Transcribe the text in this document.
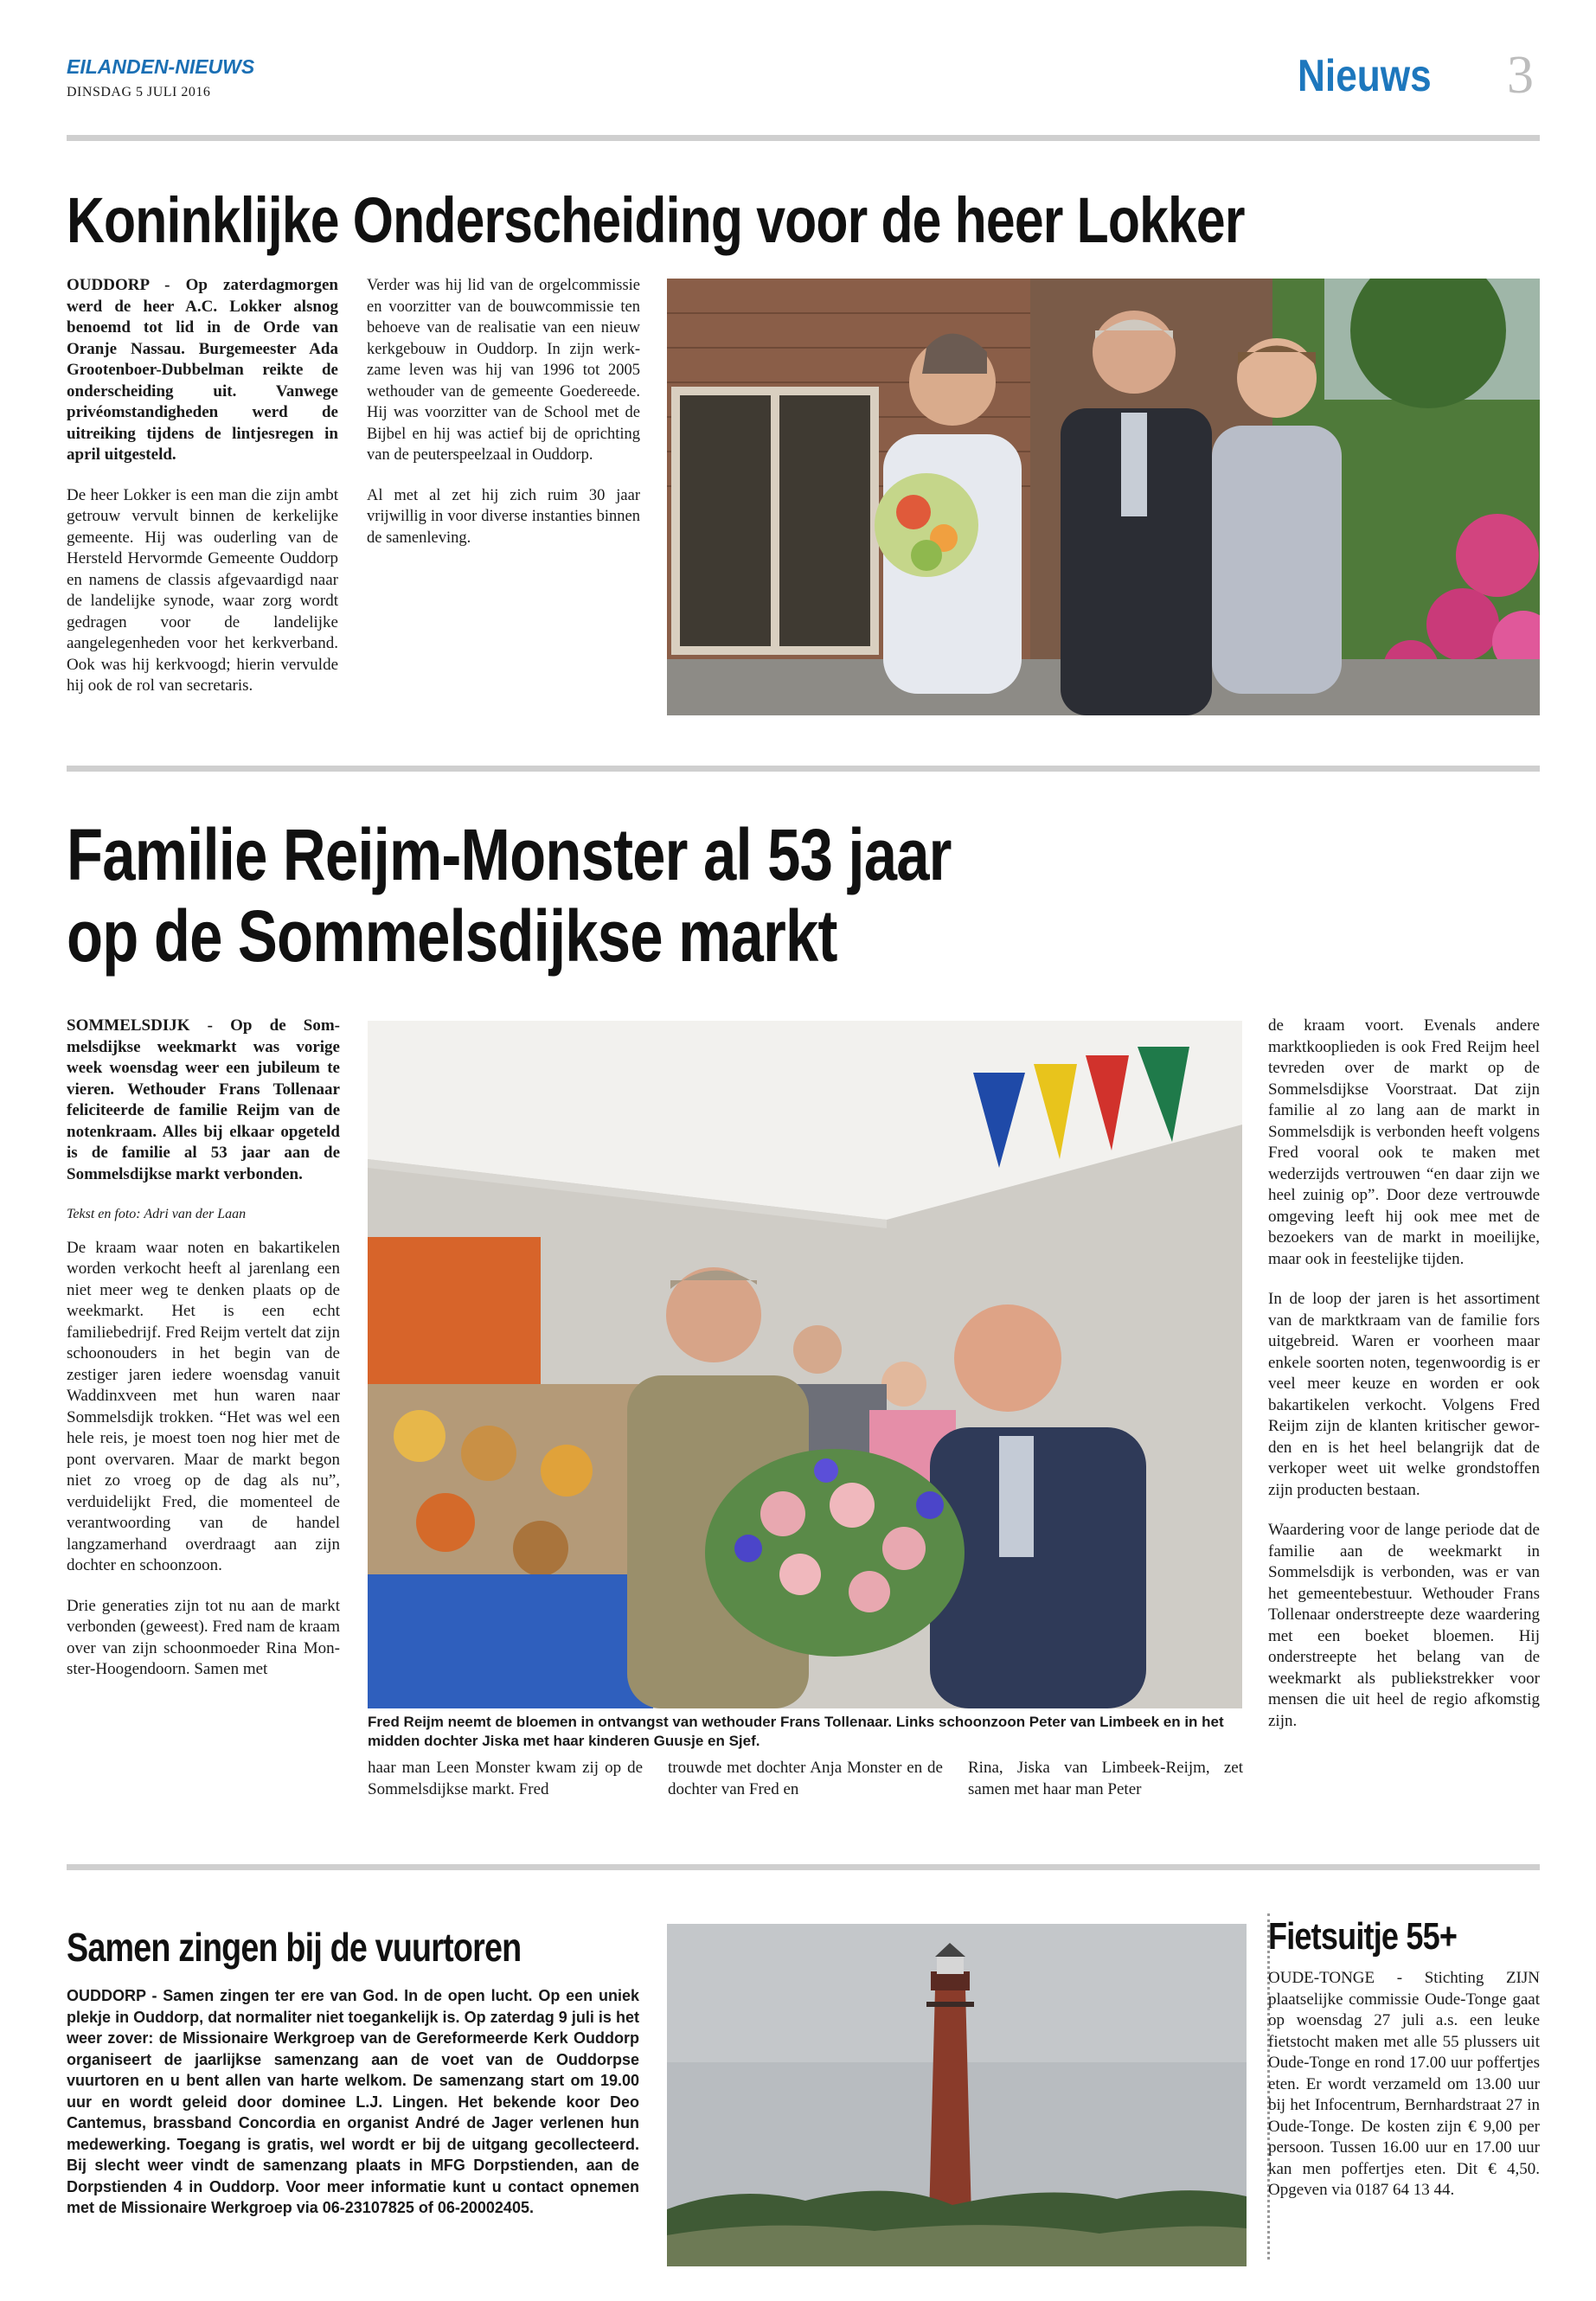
EILANDEN-NIEUWS
DINSDAG 5 JULI 2016	Nieuws 3
Koninklijke Onderscheiding voor de heer Lokker

OUDDORP - Op zaterdagmorgen werd de heer A.C. Lokker alsnog benoemd tot lid in de Orde van Oranje Nassau. Burgemeester Ada Grootenboer-Dubbelman reikte de onderscheiding uit. Vanwege privéomstandigheden werd de uitreiking tijdens de lintjesregen in april uitgesteld.

De heer Lokker is een man die zijn ambt getrouw vervult binnen de kerkelijke gemeente. Hij was ouderling van de Hersteld Hervormde Gemeente Ouddorp en namens de classis afgevaardigd naar de landelijke synode, waar zorg wordt gedragen voor de landelijke aangelegenheden voor het kerkverband. Ook was hij kerkvoogd; hierin vervulde hij ook de rol van secretaris.

Verder was hij lid van de orgelcommissie en voorzitter van de bouwcommissie ten behoeve van de realisatie van een nieuw kerkgebouw in Ouddorp. In zijn werkzame leven was hij van 1996 tot 2005 wethouder van de gemeente Goedereede. Hij was voorzitter van de School met de Bijbel en hij was actief bij de oprichting van de peuterspeelzaal in Ouddorp.

Al met al zet hij zich ruim 30 jaar vrijwillig in voor diverse instanties binnen de samenleving.

Familie Reijm-Monster al 53 jaar
op de Sommelsdijkse markt

SOMMELSDIJK - Op de Sommelsdijkse weekmarkt was vorige week woensdag weer een jubileum te vieren. Wethouder Frans Tollenaar feliciteerde de familie Reijm van de notenkraam. Alles bij elkaar opgeteld is de familie al 53 jaar aan de Sommelsdijkse markt verbonden.

Tekst en foto: Adri van der Laan

De kraam waar noten en bakartikelen worden verkocht heeft al jarenlang een niet meer weg te denken plaats op de weekmarkt. Het is een echt familiebedrijf. Fred Reijm vertelt dat zijn schoonouders in het begin van de zestiger jaren iedere woensdag vanuit Waddinxveen met hun waren naar Sommelsdijk trokken. “Het was wel een hele reis, je moest toen nog hier met de pont overvaren. Maar de markt begon niet zo vroeg op de dag als nu”, verduidelijkt Fred, die momenteel de verantwoording van de handel langzamerhand overdraagt aan zijn dochter en schoonzoon.

Drie generaties zijn tot nu aan de markt verbonden (geweest). Fred nam de kraam over van zijn schoonmoeder Rina Monster-Hoogendoorn. Samen met

Fred Reijm neemt de bloemen in ontvangst van wethouder Frans Tollenaar. Links schoonzoon Peter van Limbeek en in het midden dochter Jiska met haar kinderen Guusje en Sjef.
haar man Leen Monster kwam zij op de Sommelsdijkse markt. Fred
trouwde met dochter Anja Monster en de dochter van Fred en
Rina, Jiska van Limbeek-Reijm, zet samen met haar man Peter

de kraam voort. Evenals andere marktkooplieden is ook Fred Reijm heel tevreden over de markt op de Sommelsdijkse Voorstraat. Dat zijn familie al zo lang aan de markt in Sommelsdijk is verbonden heeft volgens Fred vooral ook te maken met wederzijds vertrouwen “en daar zijn we heel zuinig op”. Door deze vertrouwde omgeving leeft hij ook mee met de bezoekers van de markt in moeilijke, maar ook in feestelijke tijden.

In de loop der jaren is het assortiment van de marktkraam van de familie fors uitgebreid. Waren er voorheen maar enkele soorten noten, tegenwoordig is er veel meer keuze en worden er ook bakartikelen verkocht. Volgens Fred Reijm zijn de klanten kritischer geworden en is het heel belangrijk dat de verkoper weet uit welke grondstoffen zijn producten bestaan.

Waardering voor de lange periode dat de familie aan de weekmarkt in Sommelsdijk is verbonden, was er van het gemeentebestuur. Wethouder Frans Tollenaar onderstreepte deze waardering met een boeket bloemen. Hij onderstreepte het belang van de weekmarkt als publiekstrekker voor mensen die uit heel de regio afkomstig zijn.

Samen zingen bij de vuurtoren
OUDDORP - Samen zingen ter ere van God. In de open lucht. Op een uniek plekje in Ouddorp, dat normaliter niet toegankelijk is. Op zaterdag 9 juli is het weer zover: de Missionaire Werkgroep van de Gereformeerde Kerk Ouddorp organiseert de jaarlijkse samenzang aan de voet van de Ouddorpse vuurtoren en u bent allen van harte welkom. De samenzang start om 19.00 uur en wordt geleid door dominee L.J. Lingen. Het bekende koor Deo Cantemus, brassband Concordia en organist André de Jager verlenen hun medewerking. Toegang is gratis, wel wordt er bij de uitgang gecollecteerd. Bij slecht weer vindt de samenzang plaats in MFG Dorpstienden, aan de Dorpstienden 4 in Ouddorp. Voor meer informatie kunt u contact opnemen met de Missionaire Werkgroep via 06-23107825 of 06-20002405.
Fietsuitje 55+
OUDE-TONGE - Stichting ZIJN plaatselijke commissie Oude-Tonge gaat op woensdag 27 juli a.s. een leuke fietstocht maken met alle 55 plussers uit Oude-Tonge en rond 17.00 uur poffertjes eten. Er wordt verzameld om 13.00 uur bij het Infocentrum, Bernhardstraat 27 in Oude-Tonge. De kosten zijn € 9,00 per persoon. Tussen 16.00 uur en 17.00 uur kan men poffertjes eten. Dit € 4,50. Opgeven via 0187 64 13 44.
